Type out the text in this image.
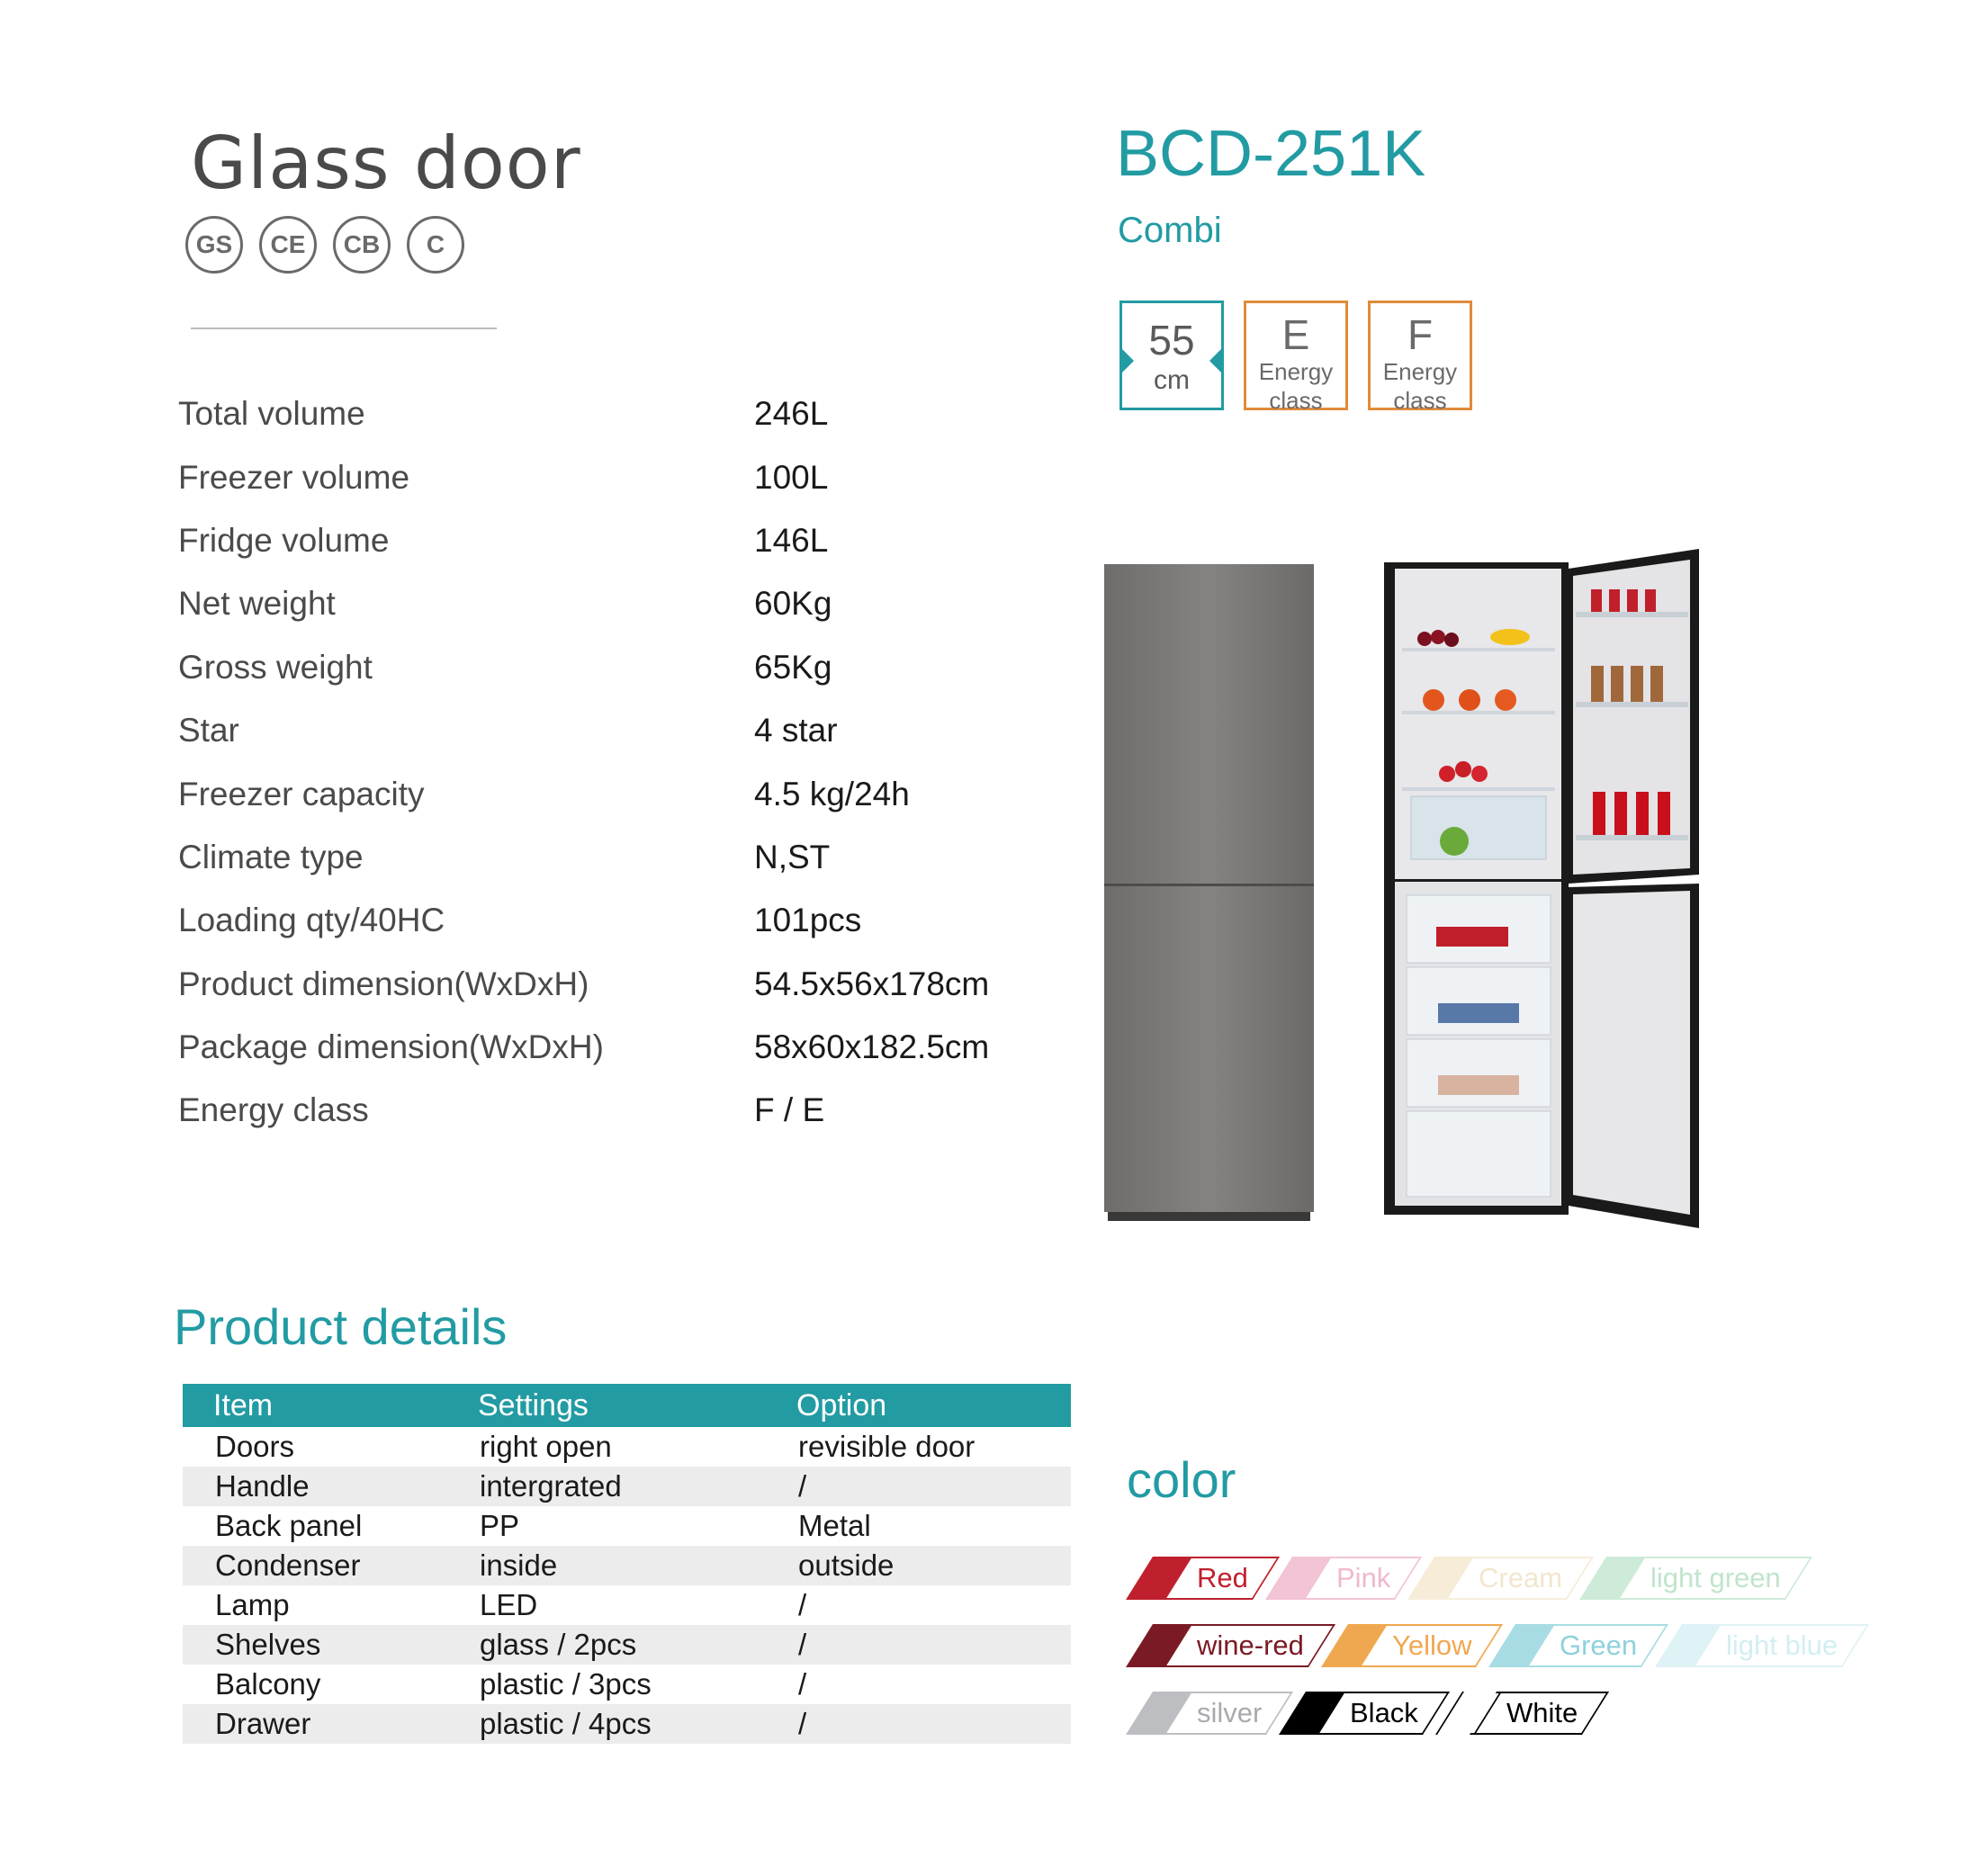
Glass door
GS	CE	CB	C
BCD-251K
Combi
55
cm
E
Energy
class
F
Energy
class
Total volume	246L
Freezer volume	100L
Fridge volume	146L
Net weight	60Kg
Gross weight	65Kg
Star	4 star
Freezer capacity	4.5 kg/24h
Climate type	N,ST
Loading qty/40HC	101pcs
Product dimension(WxDxH)	54.5x56x178cm
Package dimension(WxDxH)	58x60x182.5cm
Energy class	F / E
Product details
Item	Settings	Option
Doors	right open	revisible door
Handle	intergrated	/
Back panel	PP	Metal
Condenser	inside	outside
Lamp	LED	/
Shelves	glass / 2pcs	/
Balcony	plastic / 3pcs	/
Drawer	plastic / 4pcs	/
color
Red	Pink	Cream	light green
wine-red	Yellow	Green	light blue
silver	Black	White
